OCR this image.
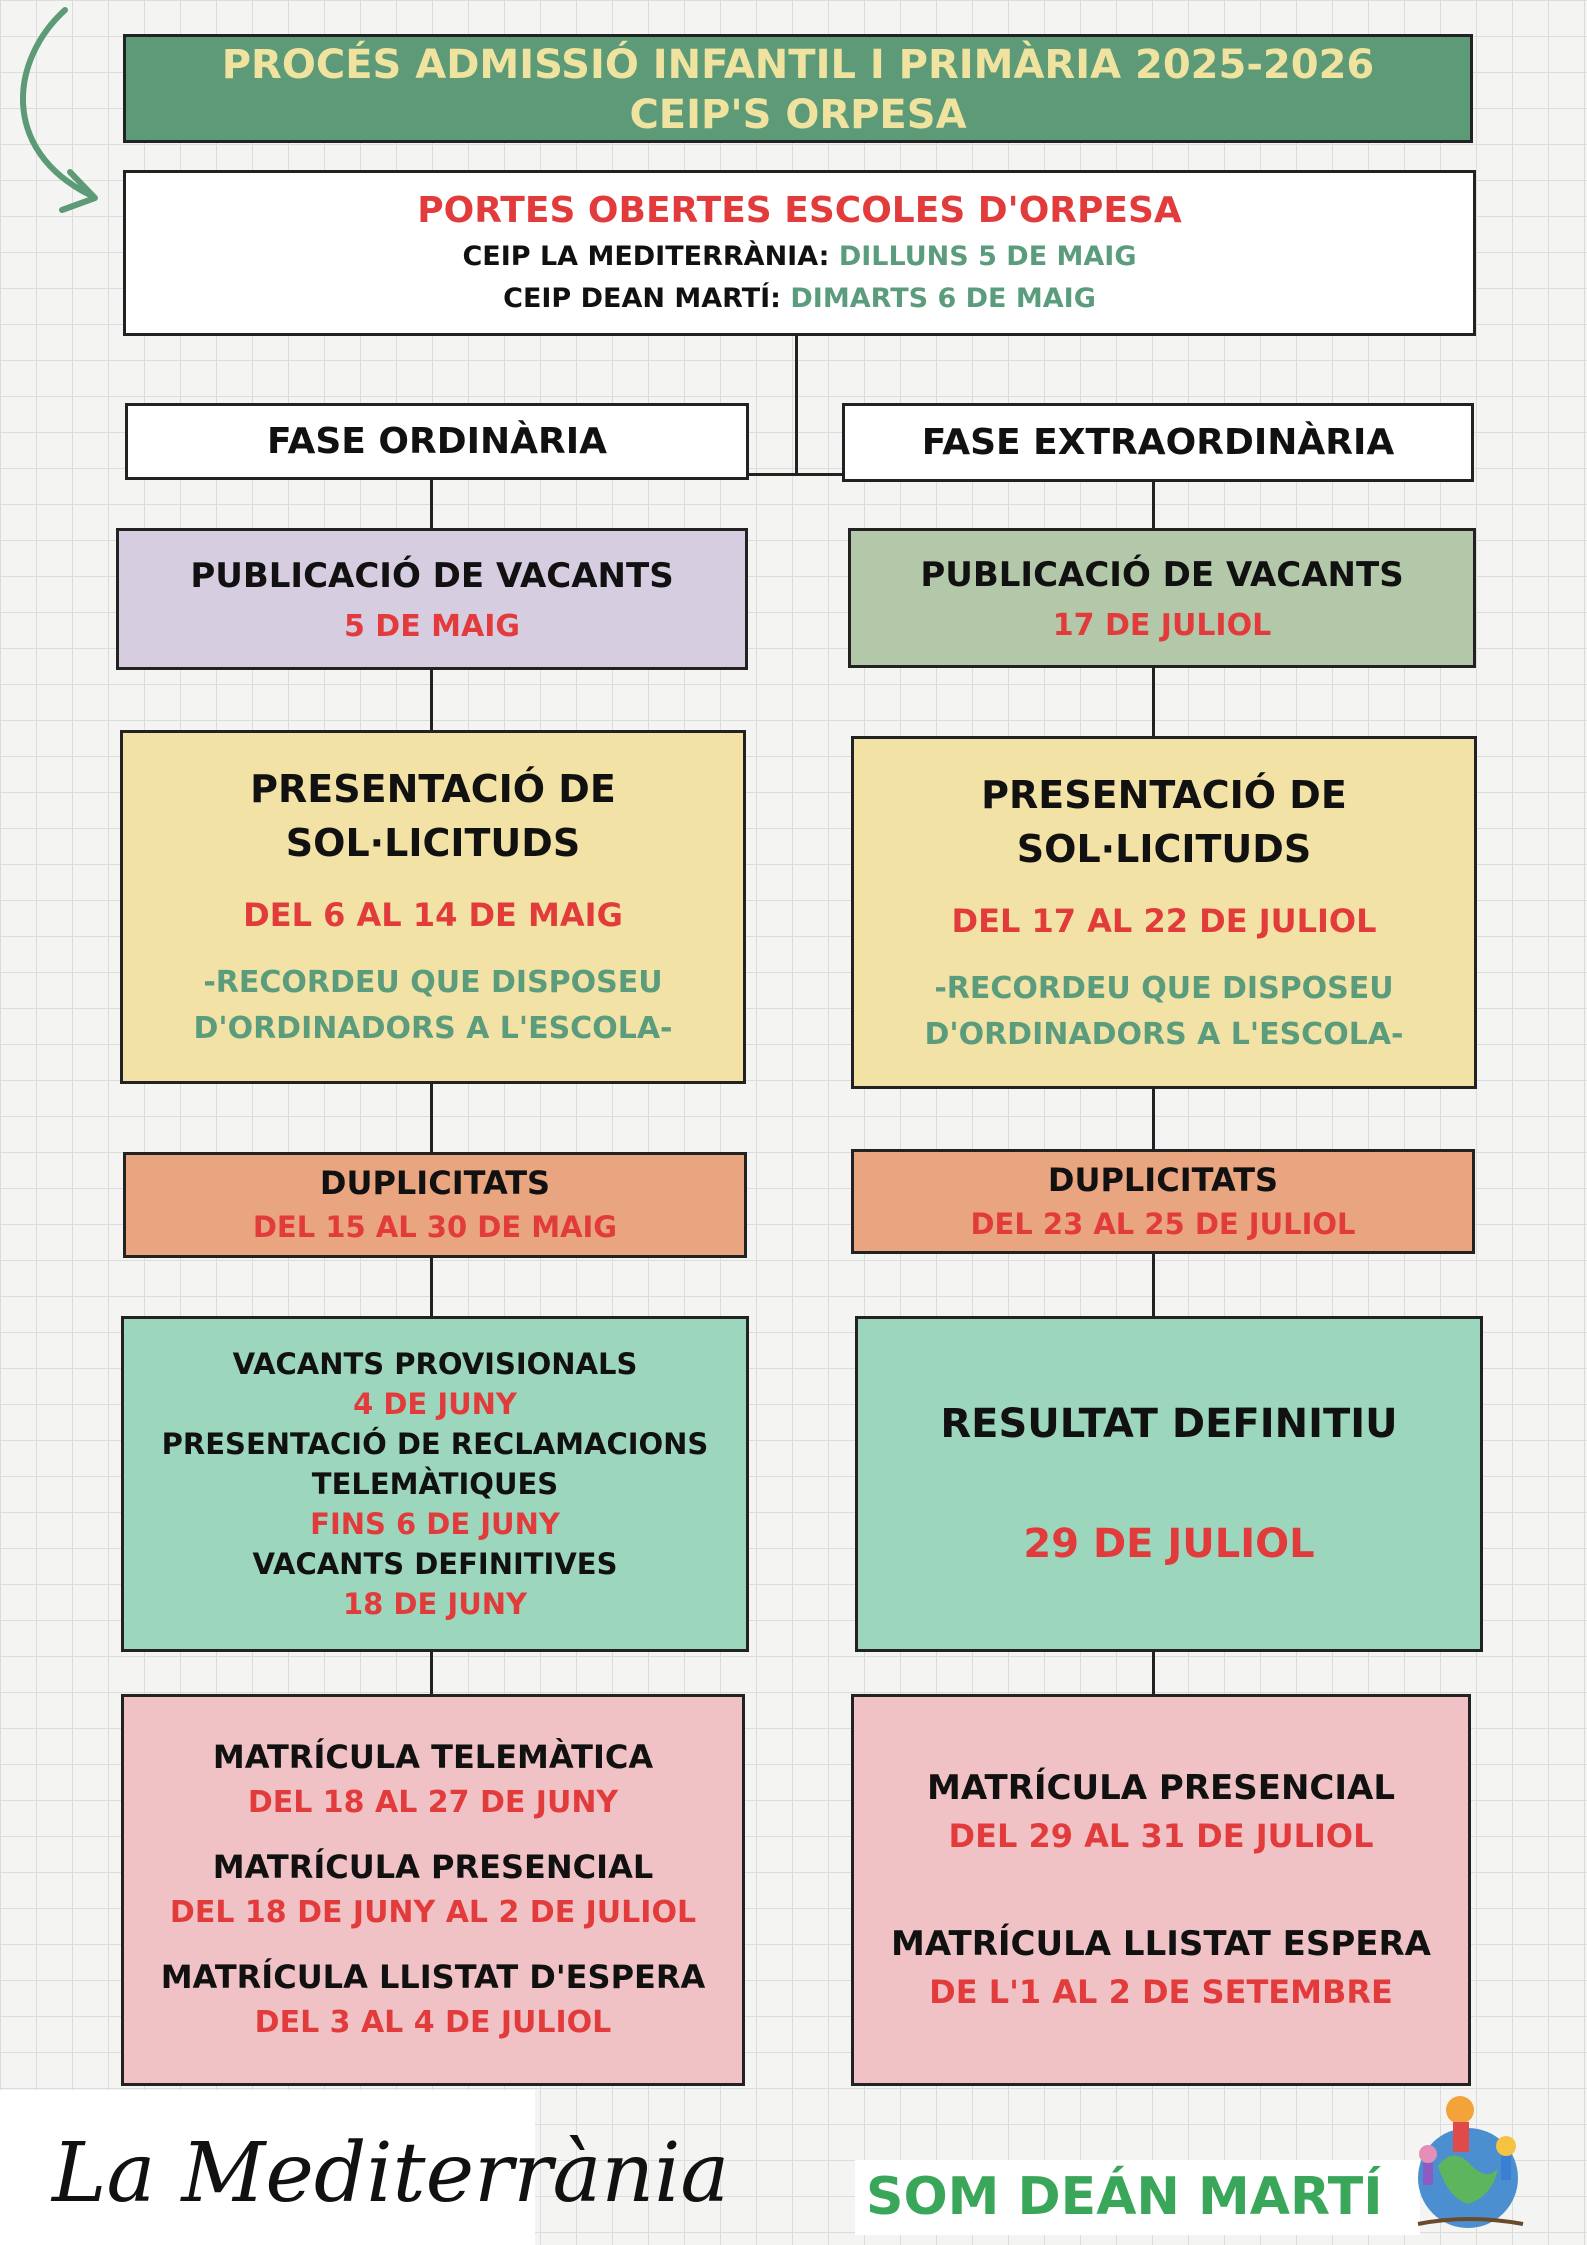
PROCÉS ADMISSIÓ INFANTIL I PRIMÀRIA 2025-2026
CEIP'S ORPESA
PORTES OBERTES ESCOLES D'ORPESA
CEIP LA MEDITERRÀNIA: DILLUNS 5 DE MAIG
CEIP DEAN MARTÍ: DIMARTS 6 DE MAIG
FASE ORDINÀRIA	FASE EXTRAORDINÀRIA
PUBLICACIÓ DE VACANTS
5 DE MAIG
PRESENTACIÓ DE
SOL·LICITUDS
DEL 6 AL 14 DE MAIG
-RECORDEU QUE DISPOSEU
D'ORDINADORS A L'ESCOLA-
DUPLICITATS
DEL 15 AL 30 DE MAIG
VACANTS PROVISIONALS
4 DE JUNY
PRESENTACIÓ DE RECLAMACIONS
TELEMÀTIQUES
FINS 6 DE JUNY
VACANTS DEFINITIVES
18 DE JUNY
MATRÍCULA TELEMÀTICA
DEL 18 AL 27 DE JUNY
MATRÍCULA PRESENCIAL
DEL 18 DE JUNY AL 2 DE JULIOL
MATRÍCULA LLISTAT D'ESPERA
DEL 3 AL 4 DE JULIOL
PUBLICACIÓ DE VACANTS
17 DE JULIOL
PRESENTACIÓ DE
SOL·LICITUDS
DEL 17 AL 22 DE JULIOL
-RECORDEU QUE DISPOSEU
D'ORDINADORS A L'ESCOLA-
DUPLICITATS
DEL 23 AL 25 DE JULIOL
RESULTAT DEFINITIU
29 DE JULIOL
MATRÍCULA PRESENCIAL
DEL 29 AL 31 DE JULIOL
MATRÍCULA LLISTAT ESPERA
DE L'1 AL 2 DE SETEMBRE
La Mediterrània	SOM DEÁN MARTÍ
